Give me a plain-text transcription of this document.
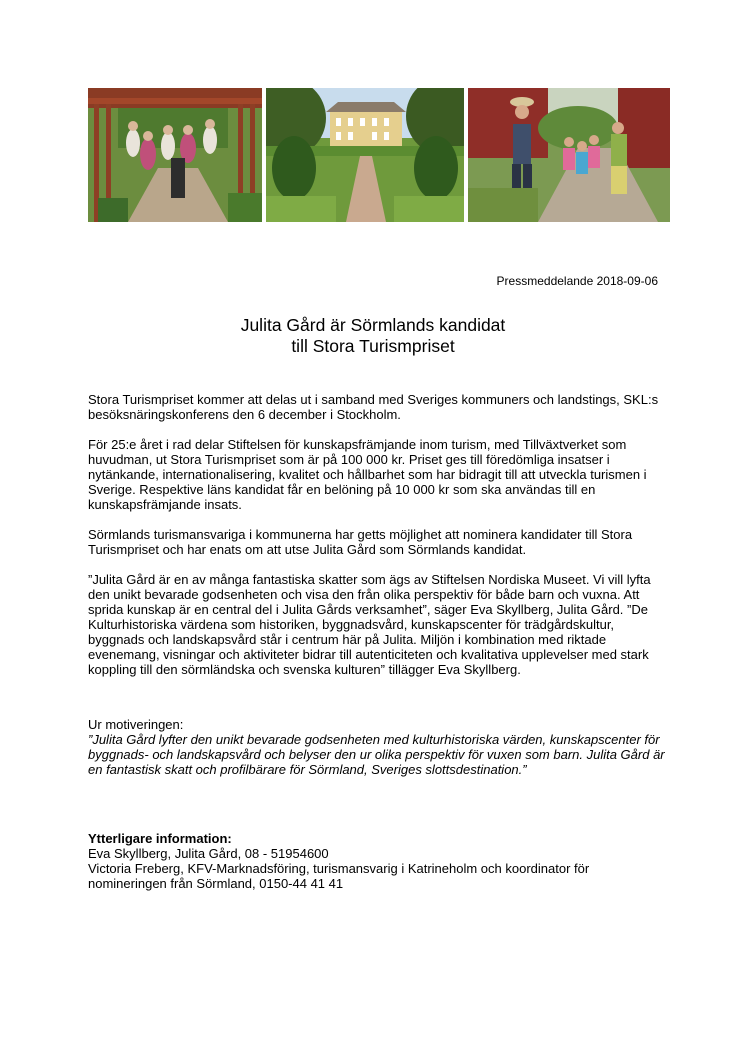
Pressmeddelande 2018-09-06
Julita Gård är Sörmlands kandidat
till Stora Turismpriset

Stora Turismpriset kommer att delas ut i samband med Sveriges kommuners och landstings, SKL:s besöksnäringskonferens den 6 december i Stockholm.

För 25:e året i rad delar Stiftelsen för kunskapsfrämjande inom turism, med Tillväxtverket som huvudman, ut Stora Turismpriset som är på 100 000 kr. Priset ges till föredömliga insatser i nytänkande, internationalisering, kvalitet och hållbarhet som har bidragit till att utveckla turismen i Sverige. Respektive läns kandidat får en belöning på 10 000 kr som ska användas till en kunskapsfrämjande insats.

Sörmlands turismansvariga i kommunerna har getts möjlighet att nominera kandidater till Stora Turismpriset och har enats om att utse Julita Gård som Sörmlands kandidat.

”Julita Gård är en av många fantastiska skatter som ägs av Stiftelsen Nordiska Museet. Vi vill lyfta den unikt bevarade godsenheten och visa den från olika perspektiv för både barn och vuxna. Att sprida kunskap är en central del i Julita Gårds verksamhet”, säger Eva Skyllberg, Julita Gård. ”De Kulturhistoriska värdena som historiken, byggnadsvård, kunskapscenter för trädgårdskultur, byggnads och landskapsvård står i centrum här på Julita. Miljön i kombination med riktade evenemang, visningar och aktiviteter bidrar till autenticiteten och kvalitativa upplevelser med stark koppling till den sörmländska och svenska kulturen” tillägger Eva Skyllberg.

Ur motiveringen:
”Julita Gård lyfter den unikt bevarade godsenheten med kulturhistoriska värden, kunskapscenter för byggnads- och landskapsvård och belyser den ur olika perspektiv för vuxen som barn. Julita Gård är en fantastisk skatt och profilbärare för Sörmland, Sveriges slottsdestination.”
Ytterligare information:
Eva Skyllberg, Julita Gård, 08 - 51954600
Victoria Freberg, KFV-Marknadsföring, turismansvarig i Katrineholm och koordinator för nomineringen från Sörmland, 0150-44 41 41
